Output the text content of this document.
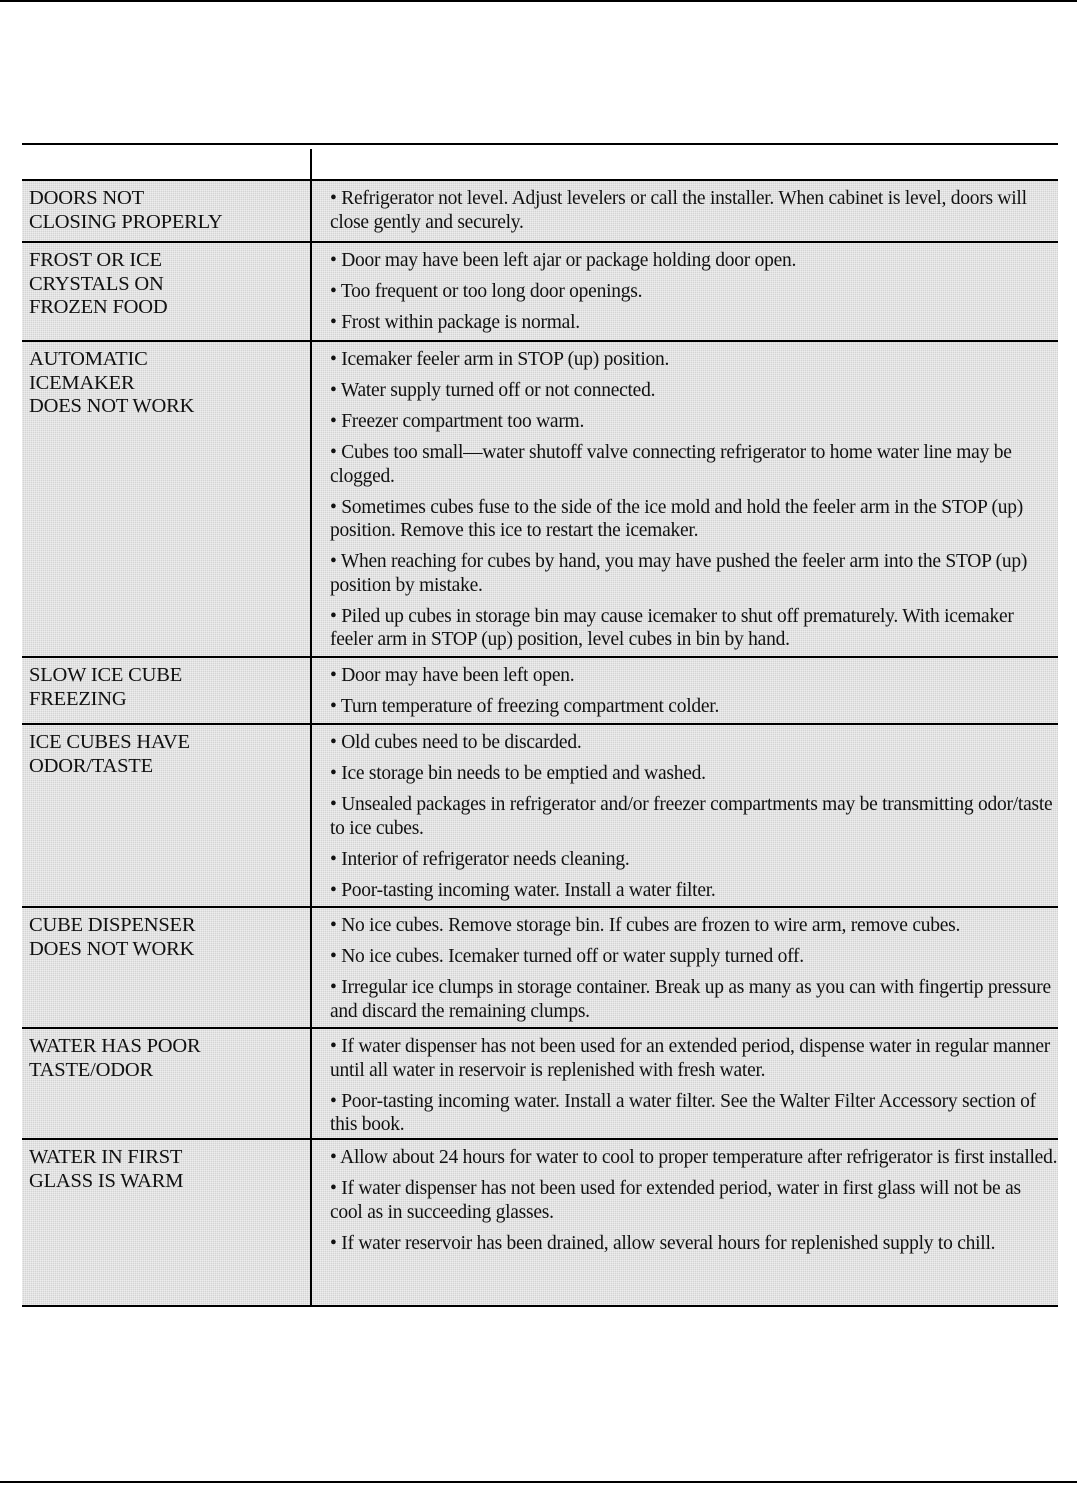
DOORS NOT
CLOSING PROPERLY
• Refrigerator not level. Adjust levelers or call the installer. When cabinet is level, doors will close gently and securely.
FROST OR ICE
CRYSTALS ON
FROZEN FOOD
• Door may have been left ajar or package holding door open.
• Too frequent or too long door openings.
• Frost within package is normal.
AUTOMATIC
ICEMAKER
DOES NOT WORK
• Icemaker feeler arm in STOP (up) position.
• Water supply turned off or not connected.
• Freezer compartment too warm.
• Cubes too small—water shutoff valve connecting refrigerator to home water line may be clogged.
• Sometimes cubes fuse to the side of the ice mold and hold the feeler arm in the STOP (up) position. Remove this ice to restart the icemaker.
• When reaching for cubes by hand, you may have pushed the feeler arm into the STOP (up) position by mistake.
• Piled up cubes in storage bin may cause icemaker to shut off prematurely. With icemaker feeler arm in STOP (up) position, level cubes in bin by hand.
SLOW ICE CUBE
FREEZING
• Door may have been left open.
• Turn temperature of freezing compartment colder.
ICE CUBES HAVE
ODOR/TASTE
• Old cubes need to be discarded.
• Ice storage bin needs to be emptied and washed.
• Unsealed packages in refrigerator and/or freezer compartments may be transmitting odor/taste to ice cubes.
• Interior of refrigerator needs cleaning.
• Poor-tasting incoming water. Install a water filter.
CUBE DISPENSER
DOES NOT WORK
• No ice cubes. Remove storage bin. If cubes are frozen to wire arm, remove cubes.
• No ice cubes. Icemaker turned off or water supply turned off.
• Irregular ice clumps in storage container. Break up as many as you can with fingertip pressure and discard the remaining clumps.
WATER HAS POOR
TASTE/ODOR
• If water dispenser has not been used for an extended period, dispense water in regular manner until all water in reservoir is replenished with fresh water.
• Poor-tasting incoming water. Install a water filter. See the Walter Filter Accessory section of this book.
WATER IN FIRST
GLASS IS WARM
• Allow about 24 hours for water to cool to proper temperature after refrigerator is first installed.
• If water dispenser has not been used for extended period, water in first glass will not be as cool as in succeeding glasses.
• If water reservoir has been drained, allow several hours for replenished supply to chill.
